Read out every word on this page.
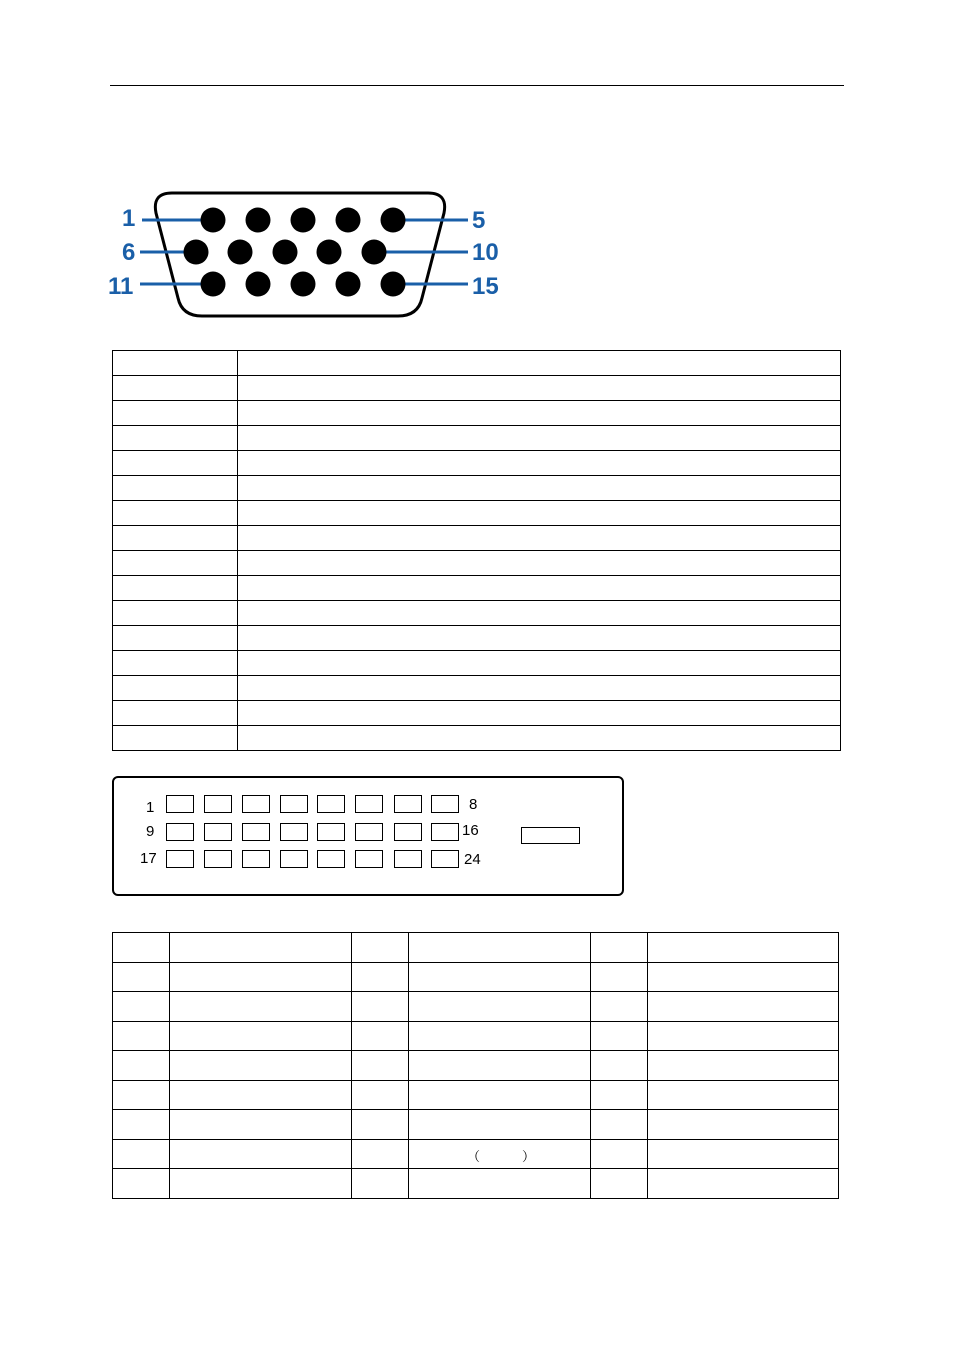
1	5
6	10
11	15

1	8
9	16
17	24

			（ ）		
